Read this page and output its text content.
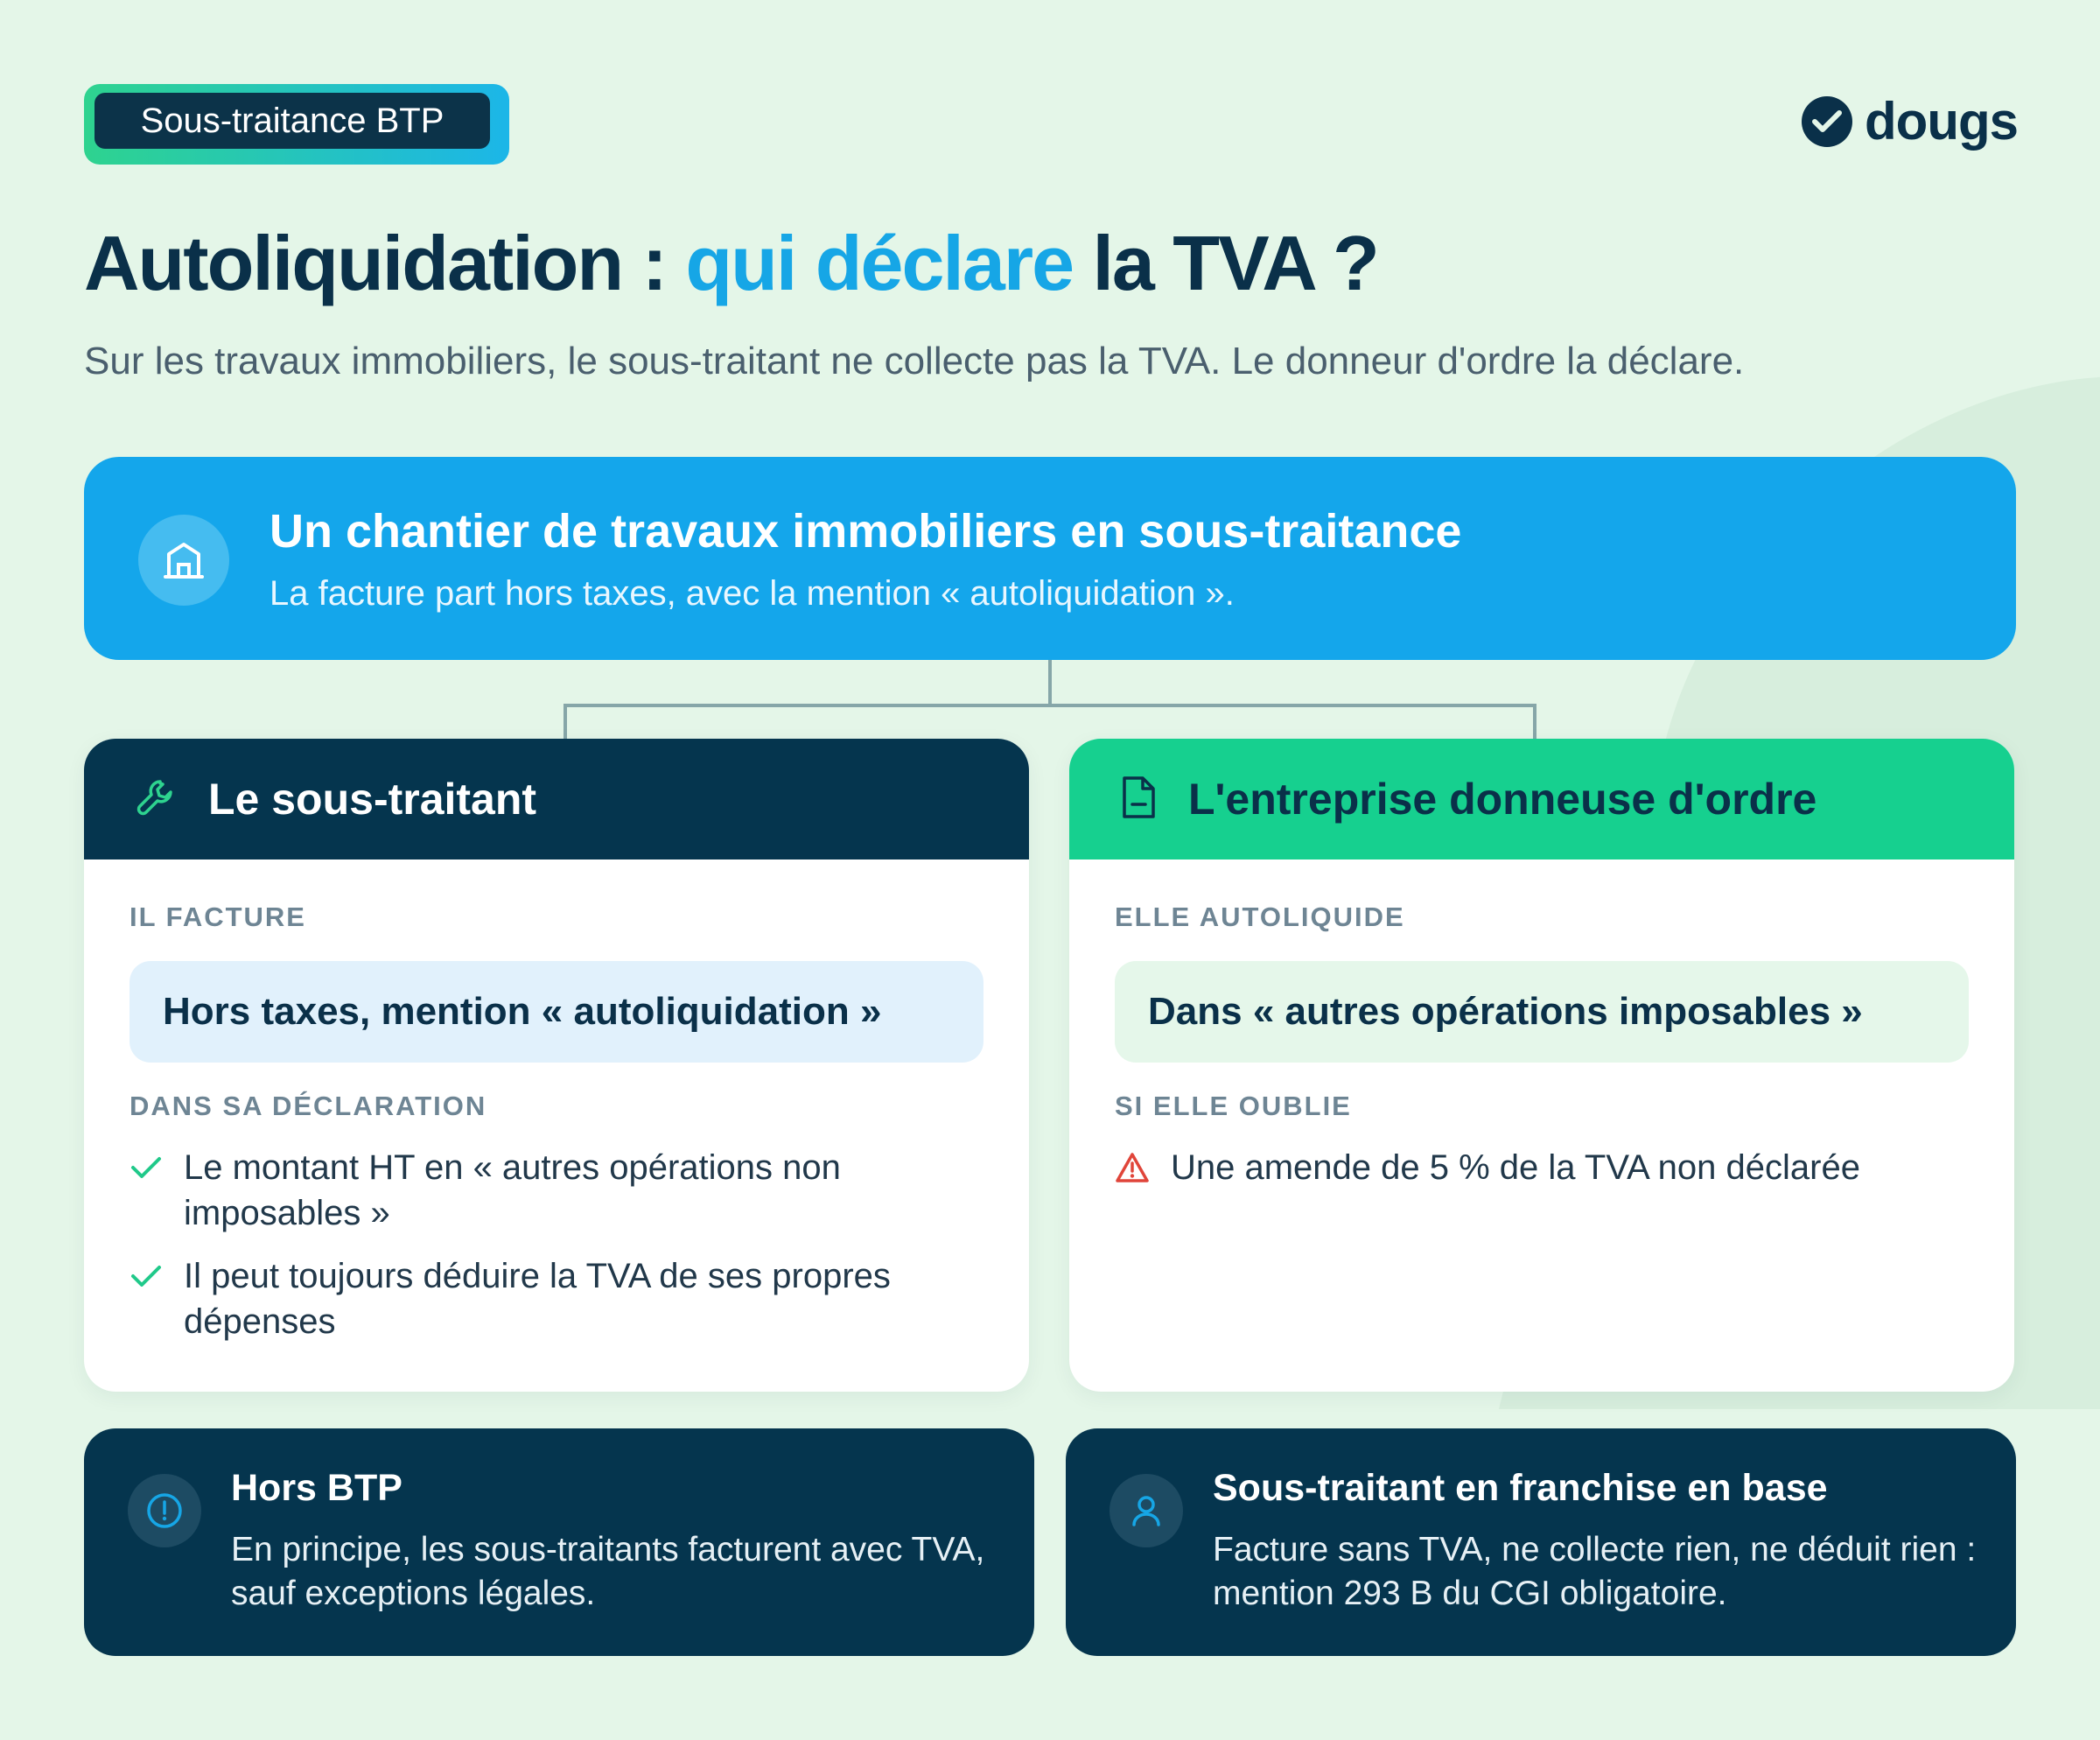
Sous-traitance BTP	dougs
Autoliquidation : qui déclare la TVA ?

Sur les travaux immobiliers, le sous-traitant ne collecte pas la TVA. Le donneur d'ordre la déclare.

Un chantier de travaux immobiliers en sous-traitance
La facture part hors taxes, avec la mention « autoliquidation ».
Le sous-traitant
IL FACTURE
Hors taxes, mention « autoliquidation »
DANS SA DÉCLARATION
Le montant HT en « autres opérations non imposables »
Il peut toujours déduire la TVA de ses propres dépenses
L'entreprise donneuse d'ordre
ELLE AUTOLIQUIDE
Dans « autres opérations imposables »
SI ELLE OUBLIE
Une amende de 5 % de la TVA non déclarée
Hors BTP
En principe, les sous-traitants facturent avec TVA, sauf exceptions légales.
Sous-traitant en franchise en base
Facture sans TVA, ne collecte rien, ne déduit rien : mention 293 B du CGI obligatoire.
